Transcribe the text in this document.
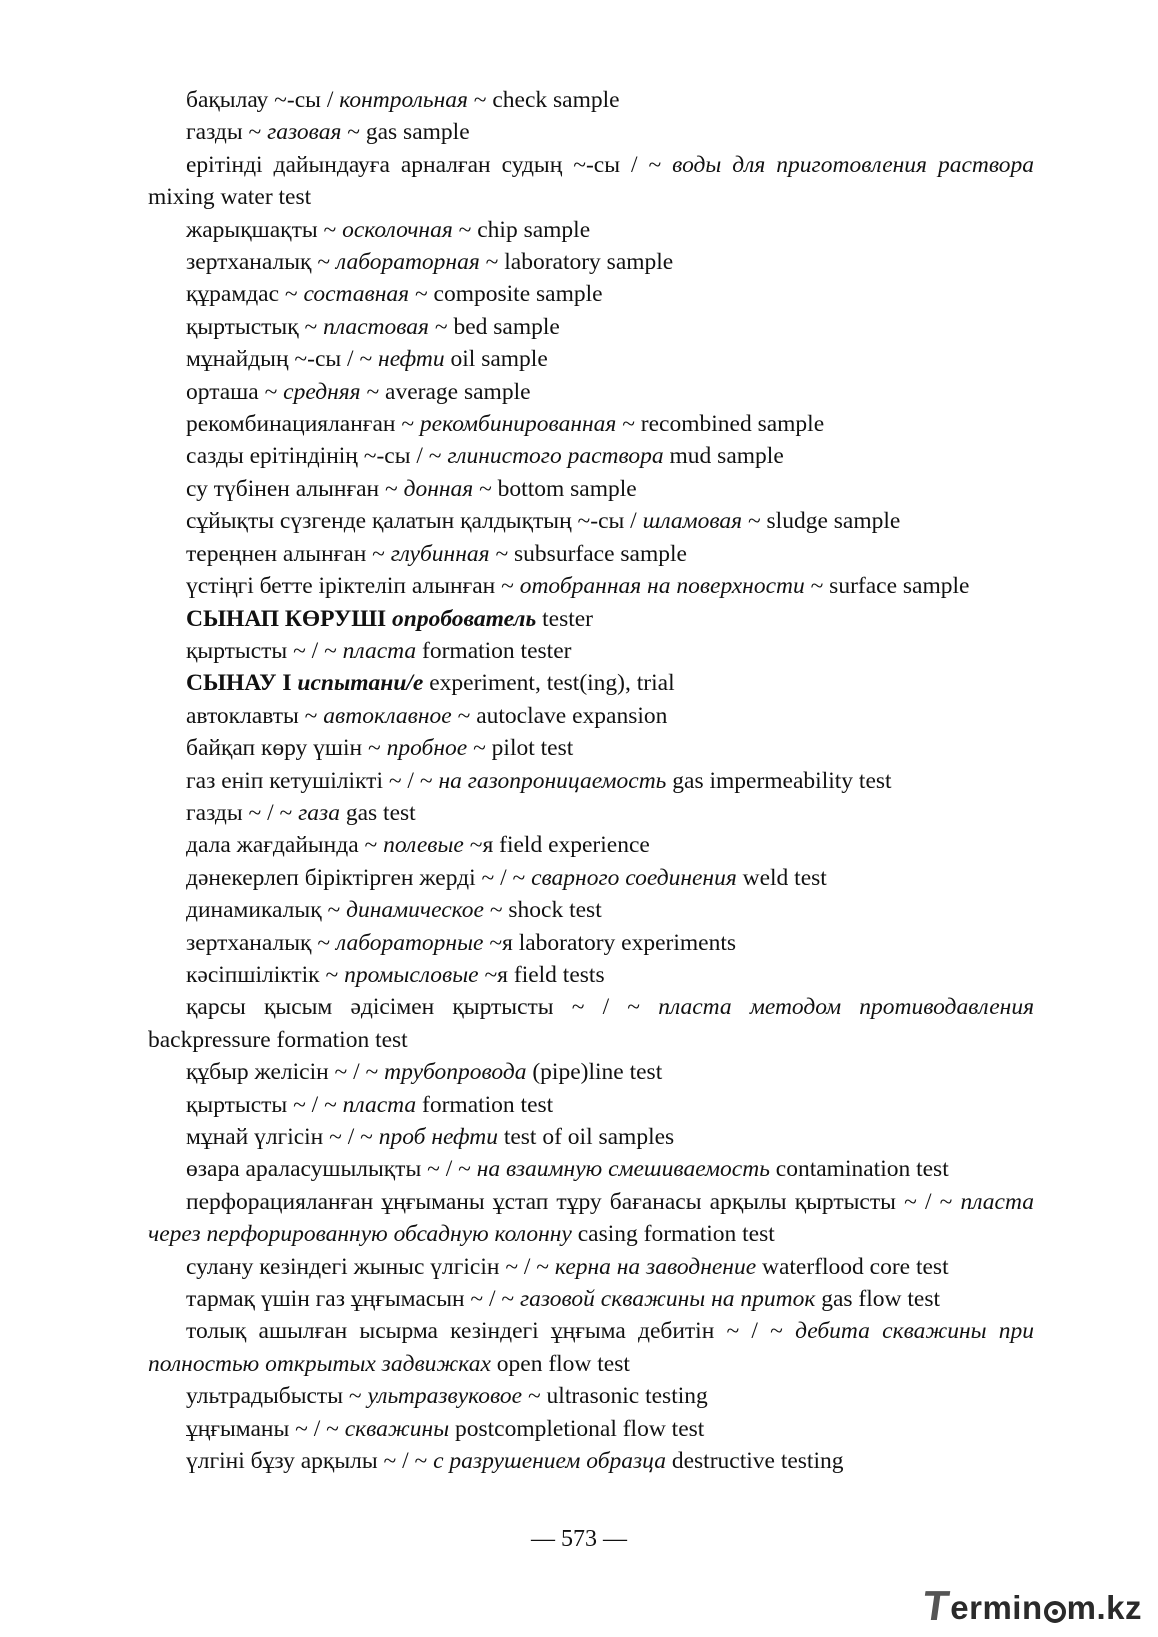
бақылау ~-сы / контрольная ~ check sample

газды ~ газовая ~ gas sample

ерітінді дайындауға арналған судың ~-сы / ~ воды для приготовления раствора mixing water test

жарықшақты ~ осколочная ~ chip sample

зертханалық ~ лабораторная ~ laboratory sample

құрамдас ~ составная ~ composite sample

қыртыстық ~ пластовая ~ bed sample

мұнайдың ~-сы / ~ нефти oil sample

орташа ~ средняя ~ average sample

рекомбинацияланған ~ рекомбинированная ~ recombined sample

сазды ерітіндінің ~-сы / ~ глинистого раствора mud sample

су түбінен алынған ~ донная ~ bottom sample

сұйықты сүзгенде қалатын қалдықтың ~-сы / шламовая ~ sludge sample

тереңнен алынған ~ глубинная ~ subsurface sample

үстіңгі бетте іріктеліп алынған ~ отобранная на поверхности ~ surface sample

СЫНАП КӨРУШІ опробователь tester

қыртысты ~ / ~ пласта formation tester

СЫНАУ І испытани/е experiment, test(ing), trial

автоклавты ~ автоклавное ~ autoclave expansion

байқап көру үшін ~ пробное ~ pilot test

газ еніп кетушілікті ~ / ~ на газопроницаемость gas impermeability test

газды ~ / ~ газа gas test

дала жағдайында ~ полевые ~я field experience

дәнекерлеп біріктірген жерді ~ / ~ сварного соединения weld test

динамикалық ~ динамическое ~ shock test

зертханалық ~ лабораторные ~я laboratory experiments

кәсіпшіліктік ~ промысловые ~я field tests

қарсы қысым әдісімен қыртысты ~ / ~ пласта методом противодавления backpressure formation test

құбыр желісін ~ / ~ трубопровода (pipe)line test

қыртысты ~ / ~ пласта formation test

мұнай үлгісін ~ / ~ проб нефти test of oil samples

өзара араласушылықты ~ / ~ на взаимную смешиваемость contamination test

перфорацияланған ұңғыманы ұстап тұру бағанасы арқылы қыртысты ~ / ~ пласта через перфорированную обсадную колонну casing formation test

сулану кезіндегі жыныс үлгісін ~ / ~ керна на заводнение waterflood core test

тармақ үшін газ ұңғымасын ~ / ~ газовой скважины на приток gas flow test

толық ашылған ысырма кезіндегі ұңғыма дебитін ~ / ~ дебита скважины при полностью открытых задвижках open flow test

ультрадыбысты ~ ультразвуковое ~ ultrasonic testing

ұңғыманы ~ / ~ скважины postcompletional flow test

үлгіні бұзу арқылы ~ / ~ с разрушением образца destructive testing

— 573 —
T
ermin m.kz
